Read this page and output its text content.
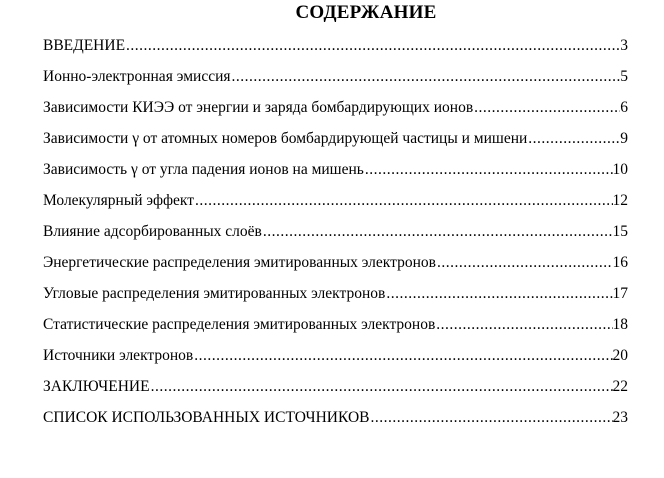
СОДЕРЖАНИЕ
ВВЕДЕНИЕ .....	3
Ионно-электронная эмиссия .....	5
Зависимости КИЭЭ от энергии и заряда бомбардирующих ионов .....	6
Зависимости γ от атомных номеров бомбардирующей частицы и мишени .....	9
Зависимость γ от угла падения ионов на мишень .....	10
Молекулярный эффект .....	12
Влияние адсорбированных слоёв .....	15
Энергетические распределения эмитированных электронов .....	16
Угловые распределения эмитированных электронов .....	17
Статистические распределения эмитированных электронов .....	18
Источники электронов .....	20
ЗАКЛЮЧЕНИЕ .....	22
СПИСОК ИСПОЛЬЗОВАННЫХ ИСТОЧНИКОВ .....	23
